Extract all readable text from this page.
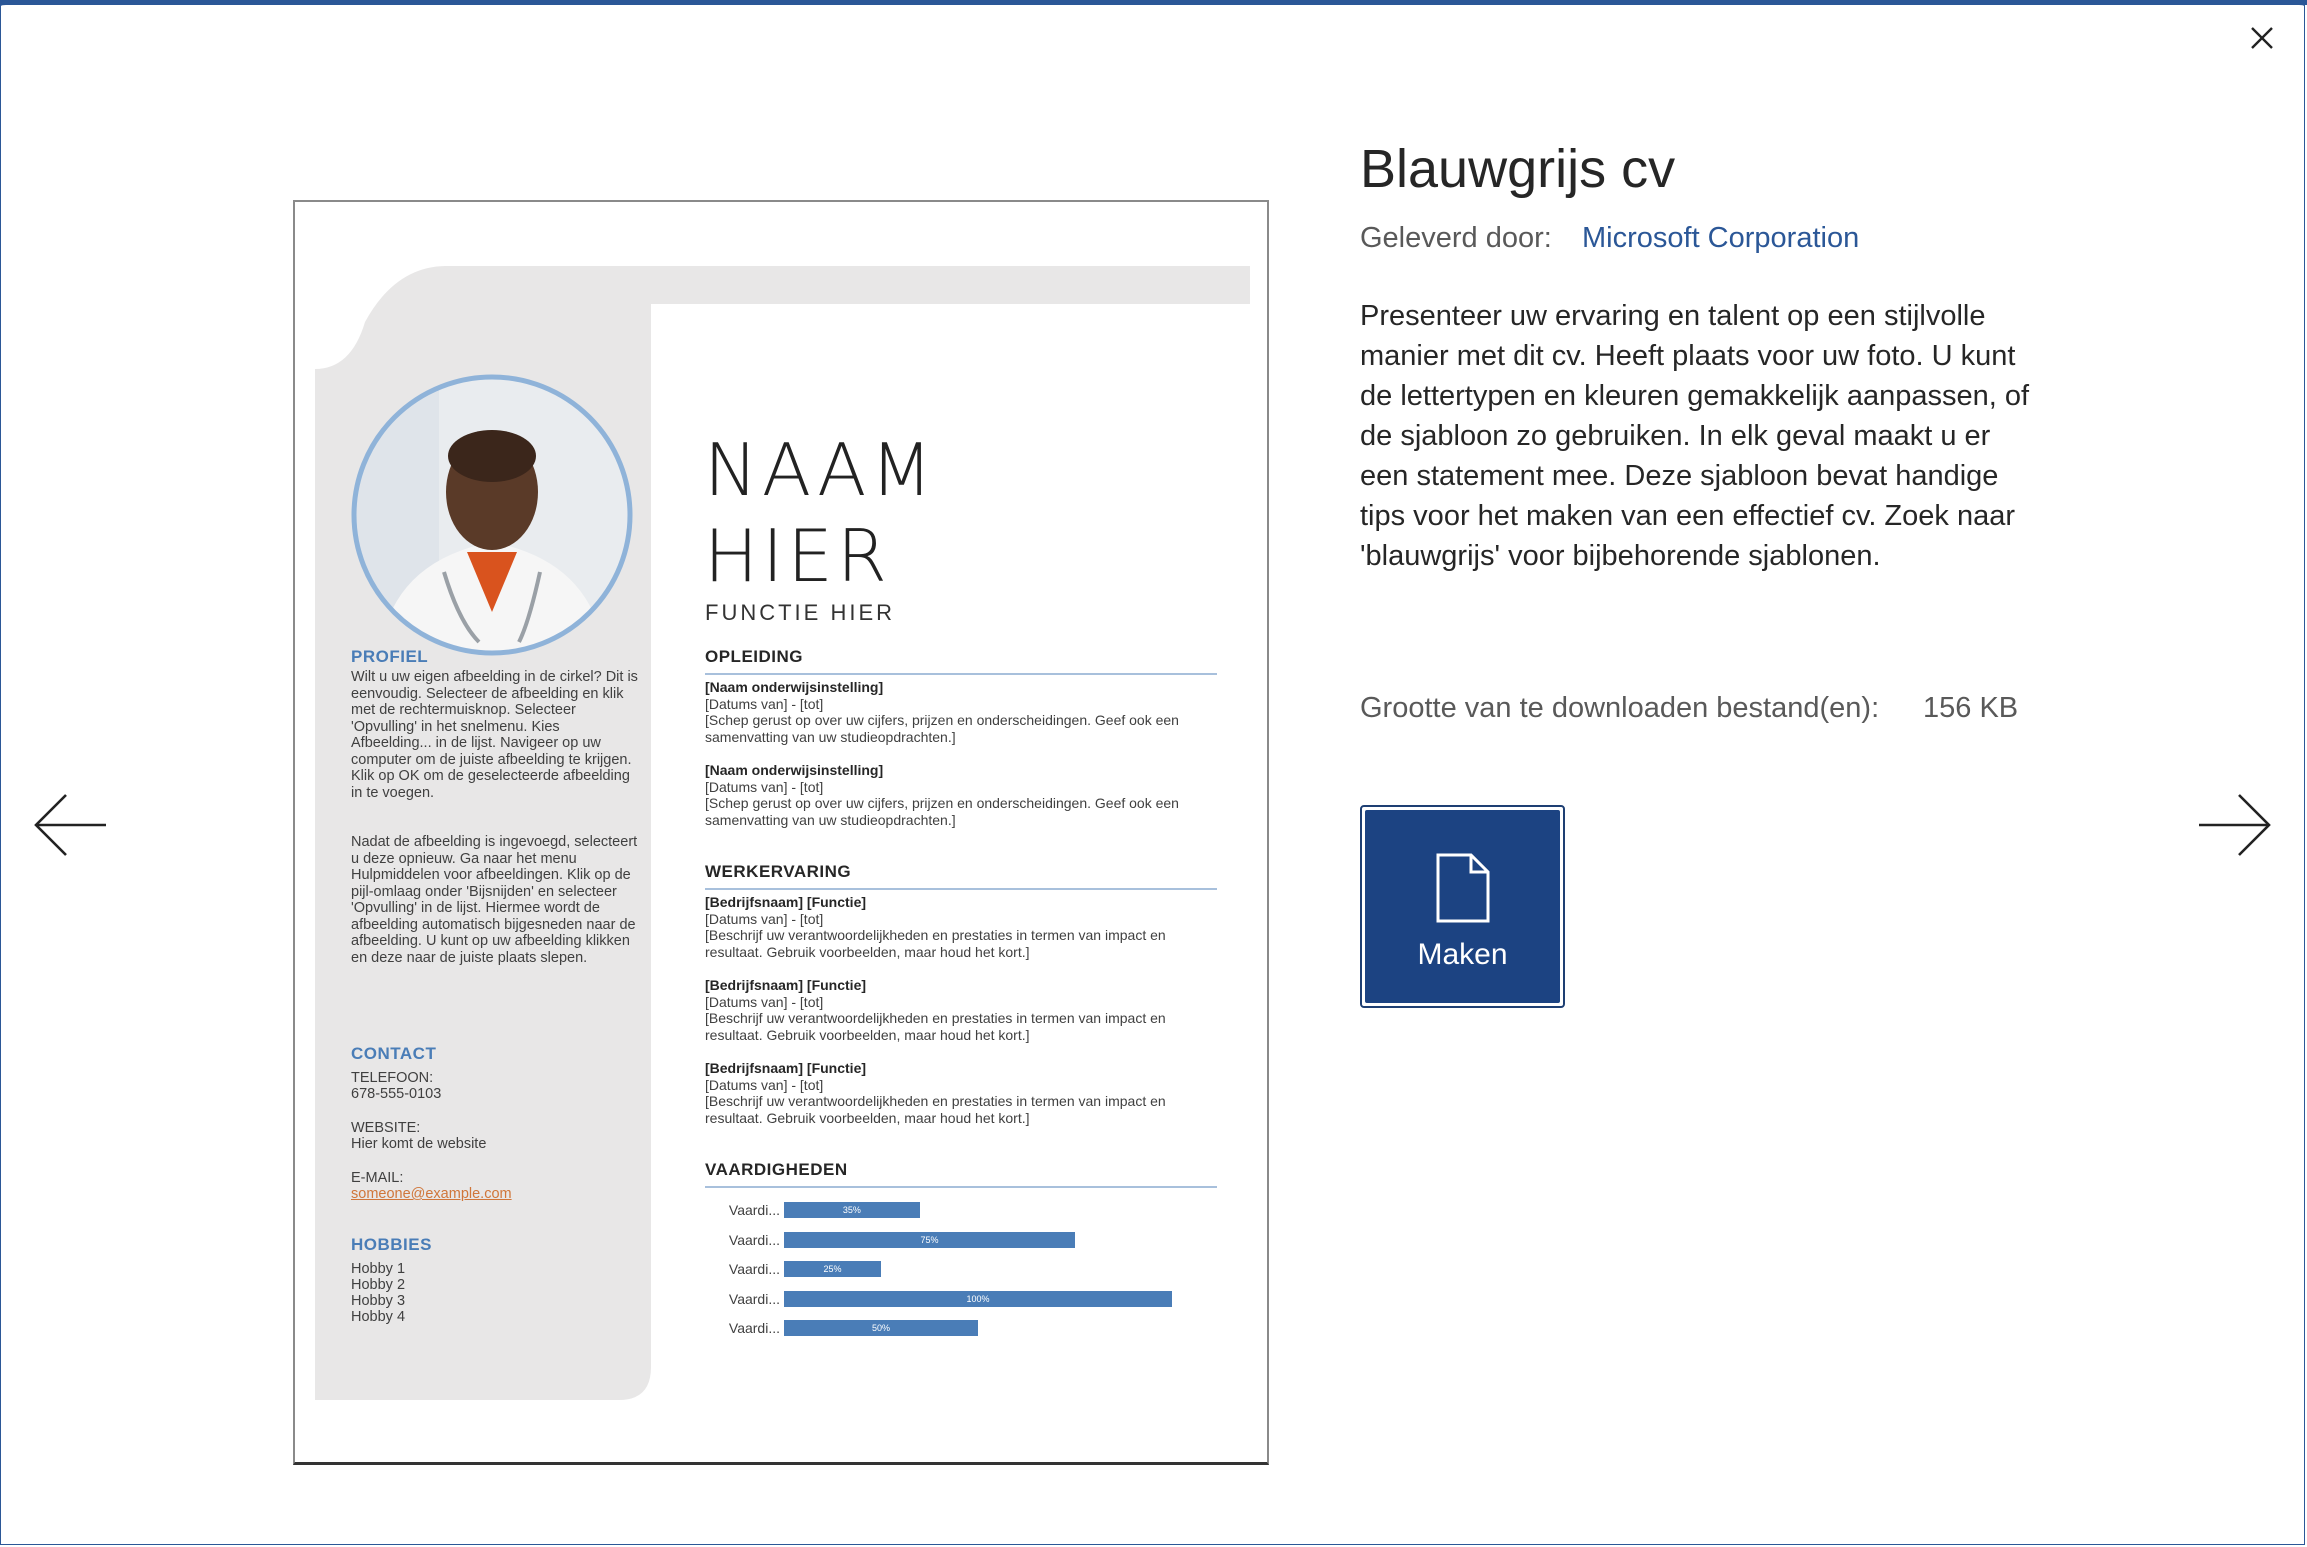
PROFIEL
Wilt u uw eigen afbeelding in de cirkel? Dit is eenvoudig. Selecteer de afbeelding en klik met de rechtermuisknop. Selecteer 'Opvulling' in het snelmenu. Kies Afbeelding... in de lijst. Navigeer op uw computer om de juiste afbeelding te krijgen. Klik op OK om de geselecteerde afbeelding in te voegen.
Nadat de afbeelding is ingevoegd, selecteert u deze opnieuw. Ga naar het menu Hulpmiddelen voor afbeeldingen. Klik op de pijl-omlaag onder 'Bijsnijden' en selecteer 'Opvulling' in de lijst. Hiermee wordt de afbeelding automatisch bijgesneden naar de afbeelding. U kunt op uw afbeelding klikken en deze naar de juiste plaats slepen.
CONTACT
TELEFOON:
678-555-0103
WEBSITE:
Hier komt de website
E-MAIL:
someone@example.com
HOBBIES
Hobby 1
Hobby 2
Hobby 3
Hobby 4
NAAM
HIER
FUNCTIE HIER
OPLEIDING
[Naam onderwijsinstelling]
[Datums van] - [tot]
[Schep gerust op over uw cijfers, prijzen en onderscheidingen. Geef ook een samenvatting van uw studieopdrachten.]
[Naam onderwijsinstelling]
[Datums van] - [tot]
[Schep gerust op over uw cijfers, prijzen en onderscheidingen. Geef ook een samenvatting van uw studieopdrachten.]
WERKERVARING
[Bedrijfsnaam] [Functie]
[Datums van] - [tot]
[Beschrijf uw verantwoordelijkheden en prestaties in termen van impact en resultaat. Gebruik voorbeelden, maar houd het kort.]
[Bedrijfsnaam] [Functie]
[Datums van] - [tot]
[Beschrijf uw verantwoordelijkheden en prestaties in termen van impact en resultaat. Gebruik voorbeelden, maar houd het kort.]
[Bedrijfsnaam] [Functie]
[Datums van] - [tot]
[Beschrijf uw verantwoordelijkheden en prestaties in termen van impact en resultaat. Gebruik voorbeelden, maar houd het kort.]
VAARDIGHEDEN
Vaardi...	35%
Vaardi...	75%
Vaardi...	25%
Vaardi...	100%
Vaardi...	50%
Blauwgrijs cv
Geleverd door: Microsoft Corporation
Presenteer uw ervaring en talent op een stijlvolle manier met dit cv. Heeft plaats voor uw foto. U kunt de lettertypen en kleuren gemakkelijk aanpassen, of de sjabloon zo gebruiken. In elk geval maakt u er een statement mee. Deze sjabloon bevat handige tips voor het maken van een effectief cv. Zoek naar 'blauwgrijs' voor bijbehorende sjablonen.
Grootte van te downloaden bestand(en): 156 KB
Maken
